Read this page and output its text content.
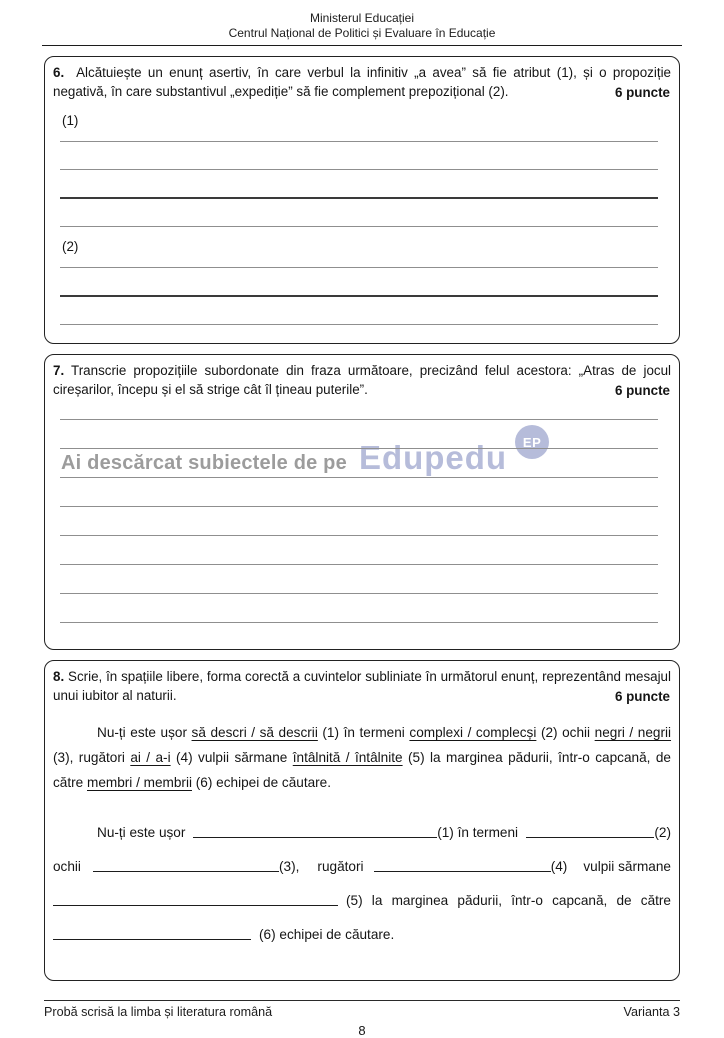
Ministerul Educației
Centrul Național de Politici și Evaluare în Educație

6. Alcătuiește un enunț asertiv, în care verbul la infinitiv „a avea” să fie atribut (1), și o propoziție negativă, în care substantivul „expediție” să fie complement prepozițional (2).	6 puncte
(1)
(2)

7. Transcrie propozițiile subordonate din fraza următoare, precizând felul acestora: „Atras de jocul cireșarilor, începu și el să strige cât îl țineau puterile”.	6 puncte
Ai descărcat subiectele de pe Edupedu	EP

8. Scrie, în spațiile libere, forma corectă a cuvintelor subliniate în următorul enunț, reprezentând mesajul unui iubitor al naturii.	6 puncte

Nu-ți este ușor să descri / să descrii (1) în termeni complexi / complecși (2) ochii negri / negrii (3), rugători ai / a-i (4) vulpii sărmane întâlnită / întâlnite (5) la marginea pădurii, într-o capcană, de către membri / membrii (6) echipei de căutare.

Nu-ți este ușor	(1) în termeni	(2)
ochii	(3), rugători	(4) vulpii sărmane
(5) la marginea pădurii, într-o capcană, de către
(6) echipei de căutare.
Probă scrisă la limba și literatura română	Varianta 3
8
